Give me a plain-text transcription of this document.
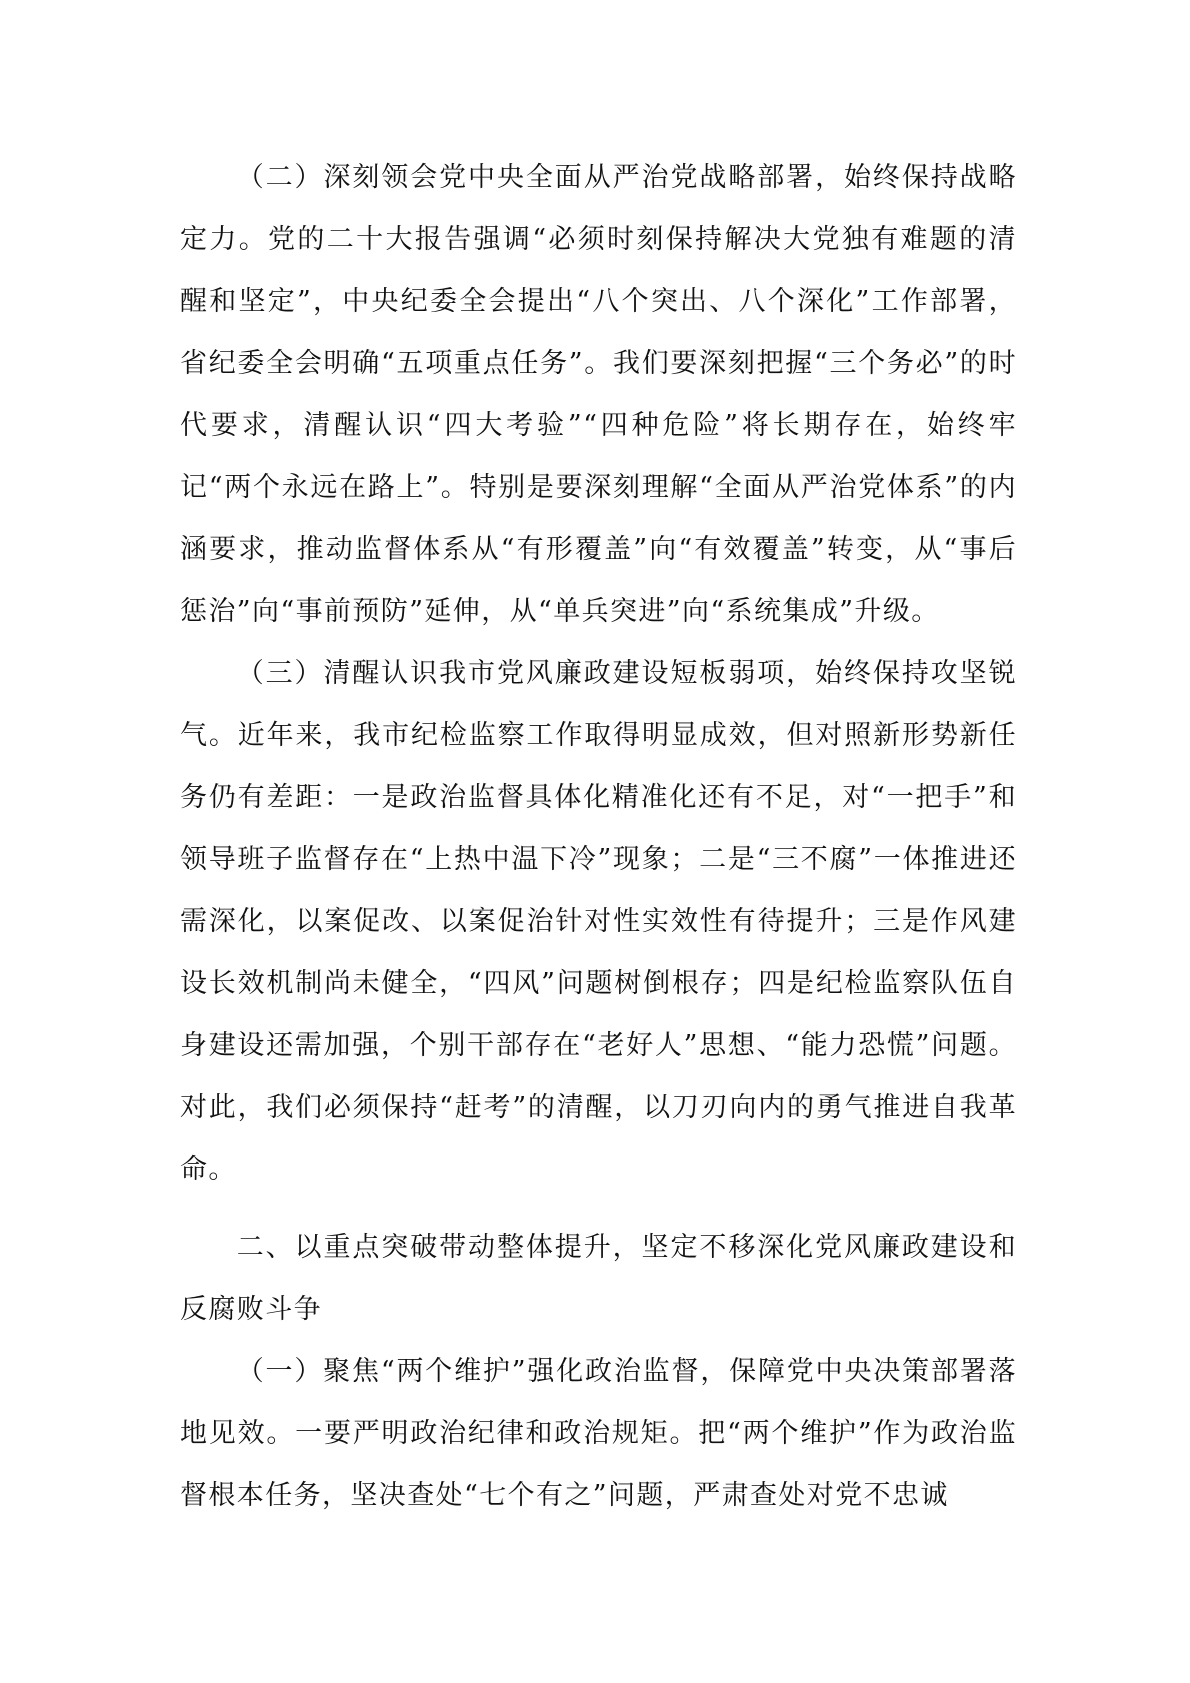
（二）深刻领会党中央全面从严治党战略部署，始终保持战略定力。党的二十大报告强调“必须时刻保持解决大党独有难题的清醒和坚定”，中央纪委全会提出“八个突出、八个深化”工作部署，省纪委全会明确“五项重点任务”。我们要深刻把握“三个务必”的时代要求，清醒认识“四大考验”“四种危险”将长期存在，始终牢记“两个永远在路上”。特别是要深刻理解“全面从严治党体系”的内涵要求，推动监督体系从“有形覆盖”向“有效覆盖”转变，从“事后惩治”向“事前预防”延伸，从“单兵突进”向“系统集成”升级。

（三）清醒认识我市党风廉政建设短板弱项，始终保持攻坚锐气。近年来，我市纪检监察工作取得明显成效，但对照新形势新任务仍有差距：一是政治监督具体化精准化还有不足，对“一把手”和领导班子监督存在“上热中温下冷”现象；二是“三不腐”一体推进还需深化，以案促改、以案促治针对性实效性有待提升；三是作风建设长效机制尚未健全，“四风”问题树倒根存；四是纪检监察队伍自身建设还需加强，个别干部存在“老好人”思想、“能力恐慌”问题。对此，我们必须保持“赶考”的清醒，以刀刃向内的勇气推进自我革命。

二、以重点突破带动整体提升，坚定不移深化党风廉政建设和反腐败斗争

（一）聚焦“两个维护”强化政治监督，保障党中央决策部署落地见效。一要严明政治纪律和政治规矩。把“两个维护”作为政治监督根本任务，坚决查处“七个有之”问题，严肃查处对党不忠诚
